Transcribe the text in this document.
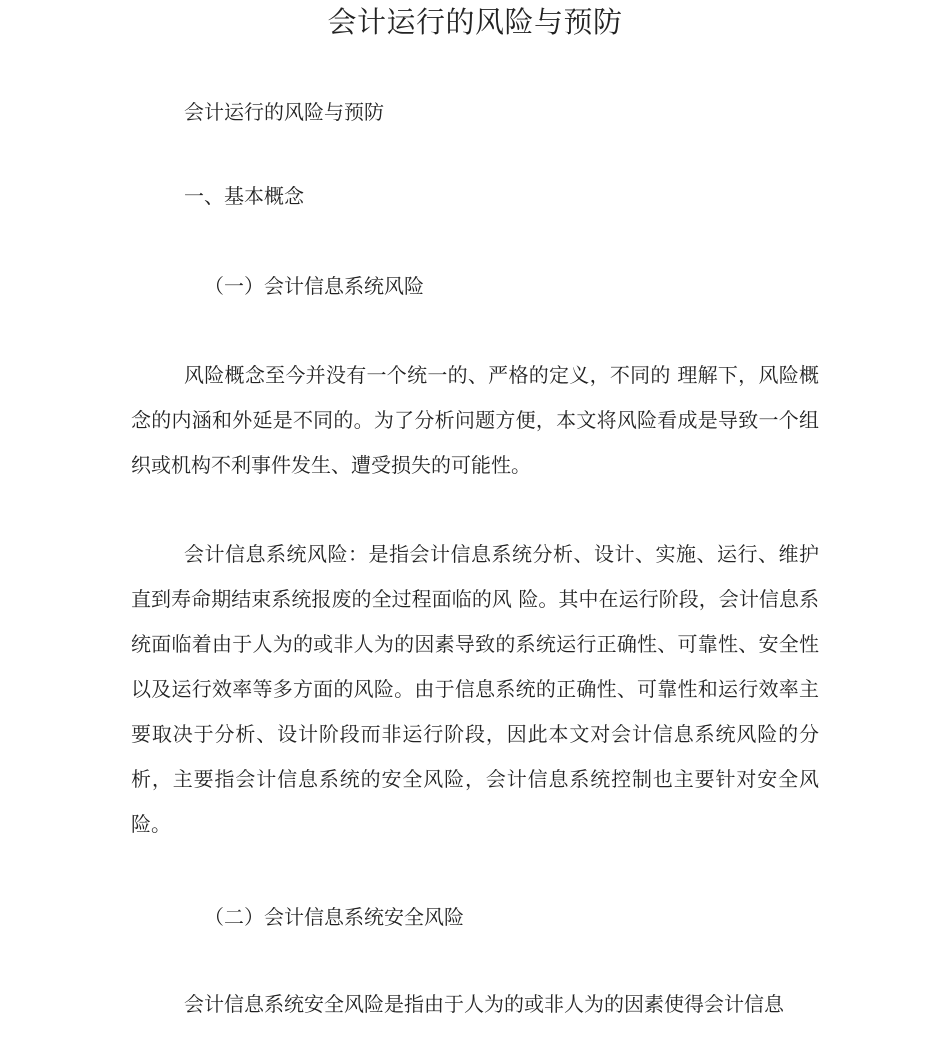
会计运行的风险与预防
会计运行的风险与预防
一、基本概念
（一）会计信息系统风险
风险概念至今并没有一个统一的、严格的定义，不同的 理解下，风险概念的内涵和外延是不同的。为了分析问题方便，本文将风险看成是导致一个组织或机构不利事件发生、遭受损失的可能性。
会计信息系统风险：是指会计信息系统分析、设计、实施、运行、维护直到寿命期结束系统报废的全过程面临的风 险。其中在运行阶段，会计信息系统面临着由于人为的或非人为的因素导致的系统运行正确性、可靠性、安全性以及运行效率等多方面的风险。由于信息系统的正确性、可靠性和运行效率主要取决于分析、设计阶段而非运行阶段，因此本文对会计信息系统风险的分析，主要指会计信息系统的安全风险，会计信息系统控制也主要针对安全风险。
（二）会计信息系统安全风险
会计信息系统安全风险是指由于人为的或非人为的因素使得会计信息
